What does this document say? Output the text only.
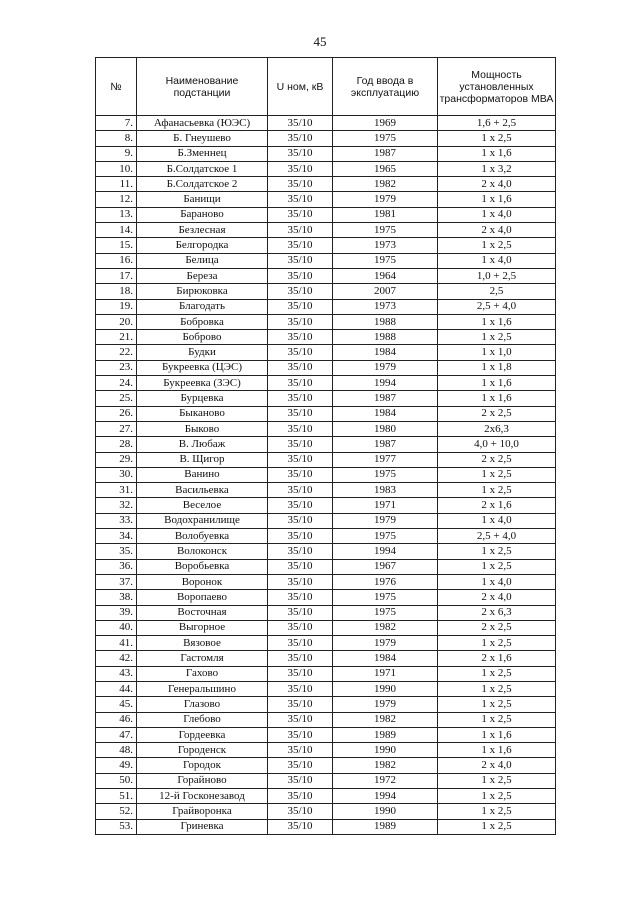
45
№	Наименование подстанции	U ном, кВ	Год ввода в эксплуатацию	Мощность установленных трансформаторов МВА
7.	Афанасьевка (ЮЭС)	35/10	1969	1,6 + 2,5
8.	Б. Гнеушево	35/10	1975	1 х 2,5
9.	Б.Зменнец	35/10	1987	1 х 1,6
10.	Б.Солдатское 1	35/10	1965	1 х 3,2
11.	Б.Солдатское 2	35/10	1982	2 х 4,0
12.	Банищи	35/10	1979	1 х 1,6
13.	Бараново	35/10	1981	1 х 4,0
14.	Безлесная	35/10	1975	2 х 4,0
15.	Белгородка	35/10	1973	1 х 2,5
16.	Белица	35/10	1975	1 х 4,0
17.	Береза	35/10	1964	1,0 + 2,5
18.	Бирюковка	35/10	2007	2,5
19.	Благодать	35/10	1973	2,5 + 4,0
20.	Бобровка	35/10	1988	1 х 1,6
21.	Боброво	35/10	1988	1 х 2,5
22.	Будки	35/10	1984	1 х 1,0
23.	Букреевка (ЦЭС)	35/10	1979	1 х 1,8
24.	Букреевка (ЗЭС)	35/10	1994	1 х 1,6
25.	Бурцевка	35/10	1987	1 х 1,6
26.	Быканово	35/10	1984	2 х 2,5
27.	Быково	35/10	1980	2х6,3
28.	В. Любаж	35/10	1987	4,0 + 10,0
29.	В. Щигор	35/10	1977	2 х 2,5
30.	Ванино	35/10	1975	1 х 2,5
31.	Васильевка	35/10	1983	1 х 2,5
32.	Веселое	35/10	1971	2 х 1,6
33.	Водохранилище	35/10	1979	1 х 4,0
34.	Волобуевка	35/10	1975	2,5 + 4,0
35.	Волоконск	35/10	1994	1 х 2,5
36.	Воробьевка	35/10	1967	1 х 2,5
37.	Воронок	35/10	1976	1 х 4,0
38.	Воропаево	35/10	1975	2 х 4,0
39.	Восточная	35/10	1975	2 х 6,3
40.	Выгорное	35/10	1982	2 х 2,5
41.	Вязовое	35/10	1979	1 х 2,5
42.	Гастомля	35/10	1984	2 х 1,6
43.	Гахово	35/10	1971	1 х 2,5
44.	Генеральшино	35/10	1990	1 х 2,5
45.	Глазово	35/10	1979	1 х 2,5
46.	Глебово	35/10	1982	1 х 2,5
47.	Гордеевка	35/10	1989	1 х 1,6
48.	Городенск	35/10	1990	1 х 1,6
49.	Городок	35/10	1982	2 х 4,0
50.	Горайново	35/10	1972	1 х 2,5
51.	12-й Госконезавод	35/10	1994	1 х 2,5
52.	Грайворонка	35/10	1990	1 х 2,5
53.	Гриневка	35/10	1989	1 х 2,5
